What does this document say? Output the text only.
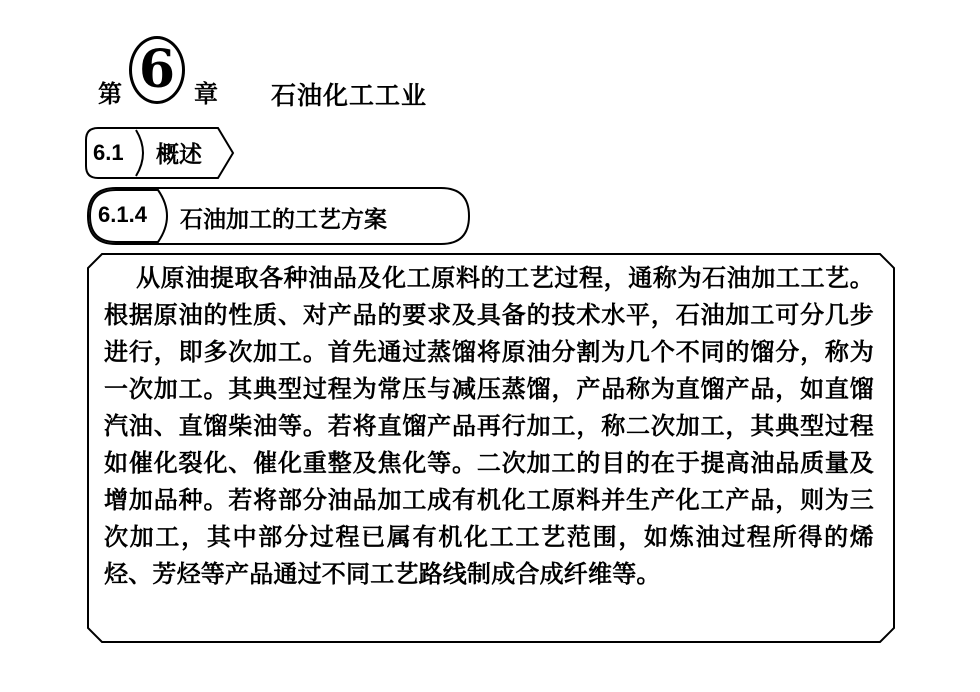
第 6 章 石油化工工业
6.1 概述
6.1.4 石油加工的工艺方案

从原油提取各种油品及化工原料的工艺过程，通称为石油加工工艺。根据原油的性质、对产品的要求及具备的技术水平，石油加工可分几步进行，即多次加工。首先通过蒸馏将原油分割为几个不同的馏分，称为一次加工。其典型过程为常压与减压蒸馏，产品称为直馏产品，如直馏汽油、直馏柴油等。若将直馏产品再行加工，称二次加工，其典型过程如催化裂化、催化重整及焦化等。二次加工的目的在于提高油品质量及增加品种。若将部分油品加工成有机化工原料并生产化工产品，则为三次加工，其中部分过程已属有机化工工艺范围，如炼油过程所得的烯烃、芳烃等产品通过不同工艺路线制成合成纤维等。
